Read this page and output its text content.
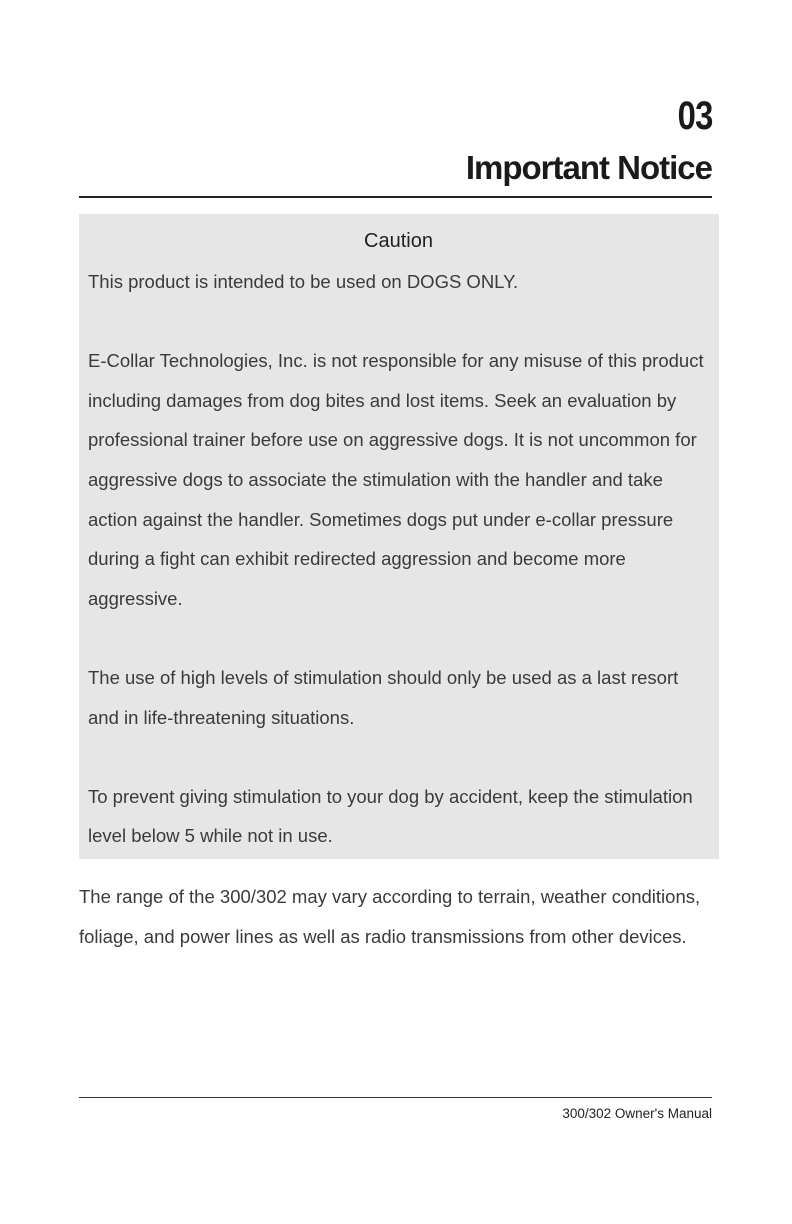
03
Important Notice
Caution

This product is intended to be used on DOGS ONLY.

E-Collar Technologies, Inc. is not responsible for any misuse of this product including damages from dog bites and lost items. Seek an evaluation by professional trainer before use on aggressive dogs. It is not uncommon for aggressive dogs to associate the stimulation with the handler and take action against the handler. Sometimes dogs put under e-collar pressure during a fight can exhibit redirected aggression and become more aggressive.

The use of high levels of stimulation should only be used as a last resort and in life-threatening situations.

To prevent giving stimulation to your dog by accident, keep the stimulation level below 5 while not in use.

The range of the 300/302 may vary according to terrain, weather conditions, foliage, and power lines as well as radio transmissions from other devices.

300/302 Owner's Manual
